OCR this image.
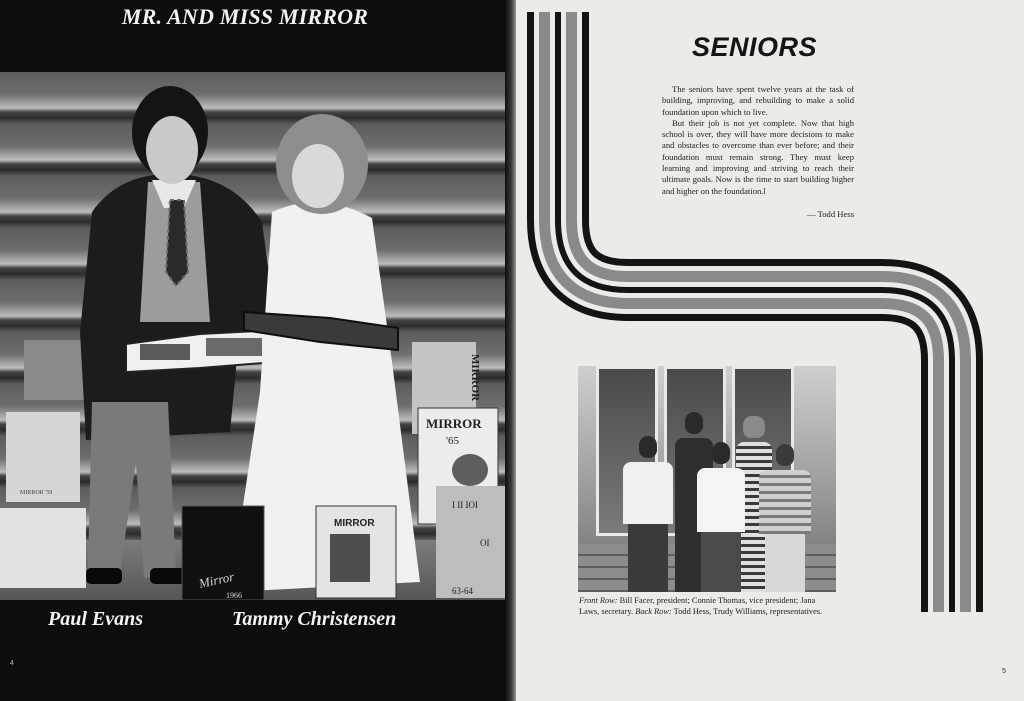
MR. AND MISS MIRROR
MIRROR '59
MIRROR
MIRROR
'65
I II IOI
OI
63-64
MIRROR
Mirror
1966
Paul Evans	Tammy Christensen
4
SENIORS

The seniors have spent twelve years at the task of building, improving, and rebuilding to make a solid foundation upon which to live.

But their job is not yet complete. Now that high school is over, they will have more decisions to make and obstacles to overcome than ever before; and their foundation must remain strong. They must keep learning and improving and striving to reach their ultimate goals. Now is the time to start building higher and higher on the foundation.l

— Todd Hess
Front Row: Bill Facer, president; Connie Thomas, vice president; Jana Laws, secretary. Back Row: Todd Hess, Trudy Williams, representatives.
5
